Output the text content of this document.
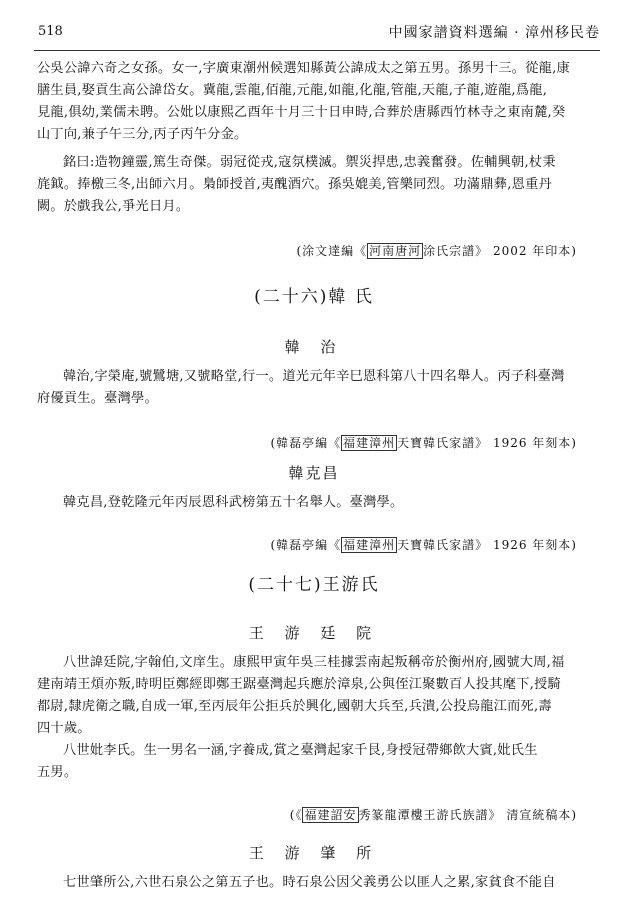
518	中國家譜資料選編 · 漳州移民卷

公吳公諱六奇之女孫。女一,字廣東潮州候選知縣黃公諱成太之第五男。孫男十三。從龍,康
膳生員,娶貢生高公諱岱女。冀龍,雲龍,佰龍,元龍,如龍,化龍,管龍,天龍,子龍,遊龍,爲龍,
見龍,俱幼,業儒未聘。公妣以康熙乙酉年十月三十日申時,合葬於唐縣西竹林寺之東南麓,癸
山丁向,兼子午三分,丙子丙午分金。

銘曰:造物鐘靈,篤生奇傑。弱冠從戎,寇氛樸滅。禦災捍患,忠義奮發。佐輔興朝,杖秉
旄鉞。捧檄三冬,出師六月。梟師授首,夷醜酒穴。孫吳媲美,管樂同烈。功滿鼎彝,恩重丹
闕。於戲我公,爭光日月。

(涂文達編《 河南唐河 涂氏宗譜》 2002 年印本)

(二十六)韓 氏

韓 治

韓治,字榮庵,號鷺塘,又號略堂,行一。道光元年辛巳恩科第八十四名舉人。丙子科臺灣
府優貢生。臺灣學。

(韓磊亭編《 福建漳州 天寶韓氏家譜》 1926 年刻本)

韓克昌

韓克昌,登乾隆元年丙辰恩科武榜第五十名舉人。臺灣學。

(韓磊亭編《 福建漳州 天寶韓氏家譜》 1926 年刻本)

(二十七)王游氏

王 游 廷 院

八世諱廷院,字翰伯,文庠生。康熙甲寅年吳三桂據雲南起叛稱帝於衡州府,國號大周,福
建南靖王煩亦叛,時明臣鄭經即鄭王踞臺灣起兵應於漳泉,公與侄江聚數百人投其麾下,授騎
都尉,隸虎衛之職,自成一軍,至丙辰年公拒兵於興化,國朝大兵至,兵潰,公投烏龍江而死,壽
四十歲。

八世妣李氏。生一男名一涵,字養成,賞之臺灣起家千艮,身授冠帶鄉飲大賓,妣氏生
五男。

(《 福建詔安 秀篆龍潭樓王游氏族譜》 清宣統稿本)

王 游 肇 所

七世肇所公,六世石泉公之第五子也。時石泉公因父義勇公以匪人之累,家貧食不能自
